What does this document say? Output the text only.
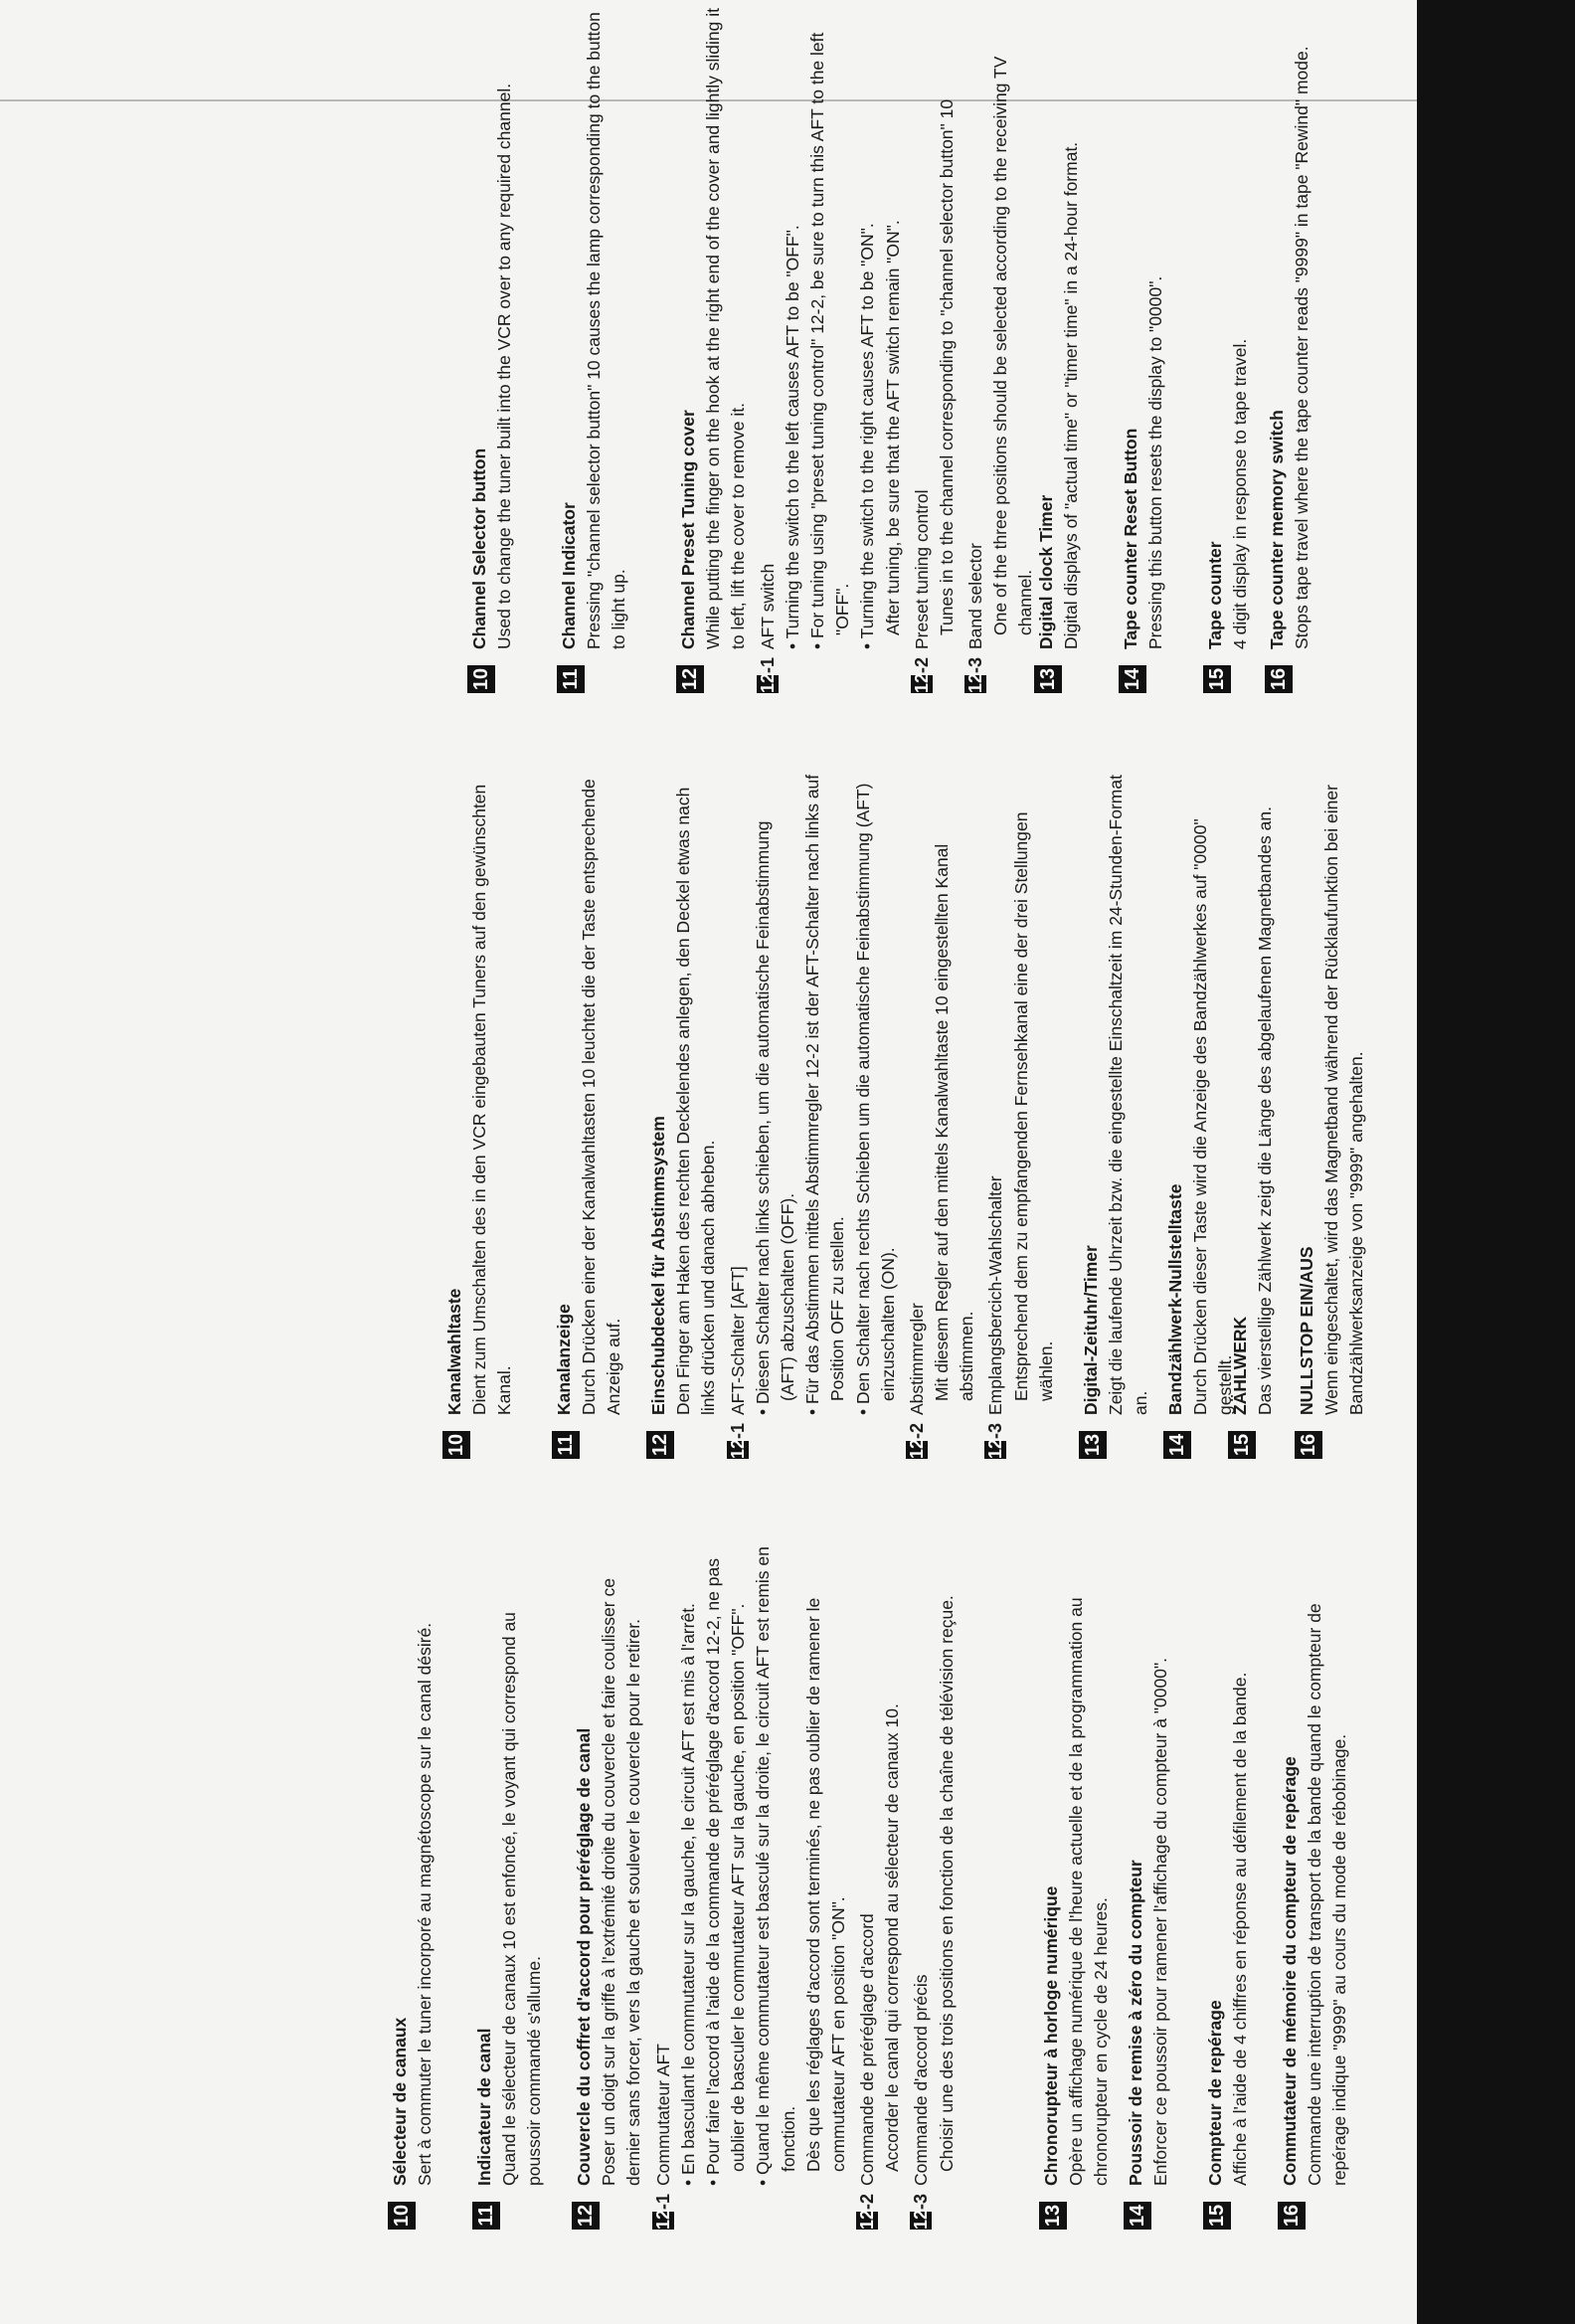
10
Channel Selector button Used to change the tuner built into the VCR over to any required channel.
11
Channel Indicator Pressing "channel selector button" 10 causes the lamp corresponding to the button to light up.
12
Channel Preset Tuning cover While putting the finger on the hook at the right end of the cover and lightly sliding it to left, lift the cover to remove it.
12-1
AFT switch • Turning the switch to the left causes AFT to be "OFF". • For tuning using "preset tuning control" 12-2, be sure to turn this AFT to the left "OFF". • Turning the switch to the right causes AFT to be "ON". After tuning, be sure that the AFT switch remain "ON".
12-2
Preset tuning control Tunes in to the channel corresponding to "channel selector button" 10
12-3
Band selector One of the three positions should be selected according to the receiving TV channel.
13
Digital clock Timer Digital displays of "actual time" or "timer time" in a 24-hour format.
14
Tape counter Reset Button Pressing this button resets the display to "0000".
15
Tape counter 4 digit display in response to tape travel.
16
Tape counter memory switch Stops tape travel where the tape counter reads "9999" in tape "Rewind" mode.
10
Kanalwahltaste Dient zum Umschalten des in den VCR eingebauten Tuners auf den gewünschten Kanal.
11
Kanalanzeige Durch Drücken einer der Kanalwahltasten 10 leuchtet die der Taste entsprechende Anzeige auf.
12
Einschubdeckel für Abstimmsystem Den Finger am Haken des rechten Deckelendes anlegen, den Deckel etwas nach links drücken und danach abheben.
12-1
AFT-Schalter [AFT] • Diesen Schalter nach links schieben, um die automatische Feinabstimmung (AFT) abzuschalten (OFF). • Für das Abstimmen mittels Abstimmregler 12-2 ist der AFT-Schalter nach links auf Position OFF zu stellen. • Den Schalter nach rechts Schieben um die automatische Feinabstimmung (AFT) einzuschalten (ON).
12-2
Abstimmregler Mit diesem Regler auf den mittels Kanalwahltaste 10 eingestellten Kanal abstimmen.
12-3
Emplangsbercich-Wahlschalter Entsprechend dem zu empfangenden Fernsehkanal eine der drei Stellungen wählen.
13
Digital-Zeituhr/Timer Zeigt die laufende Uhrzeit bzw. die eingestellte Einschaltzeit im 24-Stunden-Format an.
14
Bandzählwerk-Nullstelltaste Durch Drücken dieser Taste wird die Anzeige des Bandzählwerkes auf "0000" gestellt.
15
ZÄHLWERK Das vierstellige Zählwerk zeigt die Länge des abgelaufenen Magnetbandes an.
16
NULLSTOP EIN/AUS Wenn eingeschaltet, wird das Magnetband während der Rücklaufunktion bei einer Bandzählwerksanzeige von "9999" angehalten.
10
Sélecteur de canaux Sert à commuter le tuner incorporé au magnétoscope sur le canal désiré.
11
Indicateur de canal Quand le sélecteur de canaux 10 est enfoncé, le voyant qui correspond au poussoir commandé s'allume.
12
Couvercle du coffret d'accord pour préréglage de canal Poser un doigt sur la griffe à l'extrémité droite du couvercle et faire coulisser ce dernier sans forcer, vers la gauche et soulever le couvercle pour le retirer.
12-1
Commutateur AFT • En basculant le commutateur sur la gauche, le circuit AFT est mis à l'arrêt. • Pour faire l'accord à l'aide de la commande de préréglage d'accord 12-2, ne pas oublier de basculer le commutateur AFT sur la gauche, en position "OFF". • Quand le même commutateur est basculé sur la droite, le circuit AFT est remis en fonction. Dès que les réglages d'accord sont terminés, ne pas oublier de ramener le commutateur AFT en position "ON".
12-2
Commande de préréglage d'accord Accorder le canal qui correspond au sélecteur de canaux 10.
12-3
Commande d'accord précis Choisir une des trois positions en fonction de la chaîne de télévision reçue.
13
Chronorupteur à horloge numérique Opère un affichage numérique de l'heure actuelle et de la programmation au chronorupteur en cycle de 24 heures.
14
Poussoir de remise à zéro du compteur Enforcer ce poussoir pour ramener l'affichage du compteur à "0000".
15
Compteur de repérage Affiche à l'aide de 4 chiffres en réponse au défilement de la bande.
16
Commutateur de mémoire du compteur de repérage Commande une interruption de transport de la bande quand le compteur de repérage indique "9999" au cours du mode de rébobinage.
